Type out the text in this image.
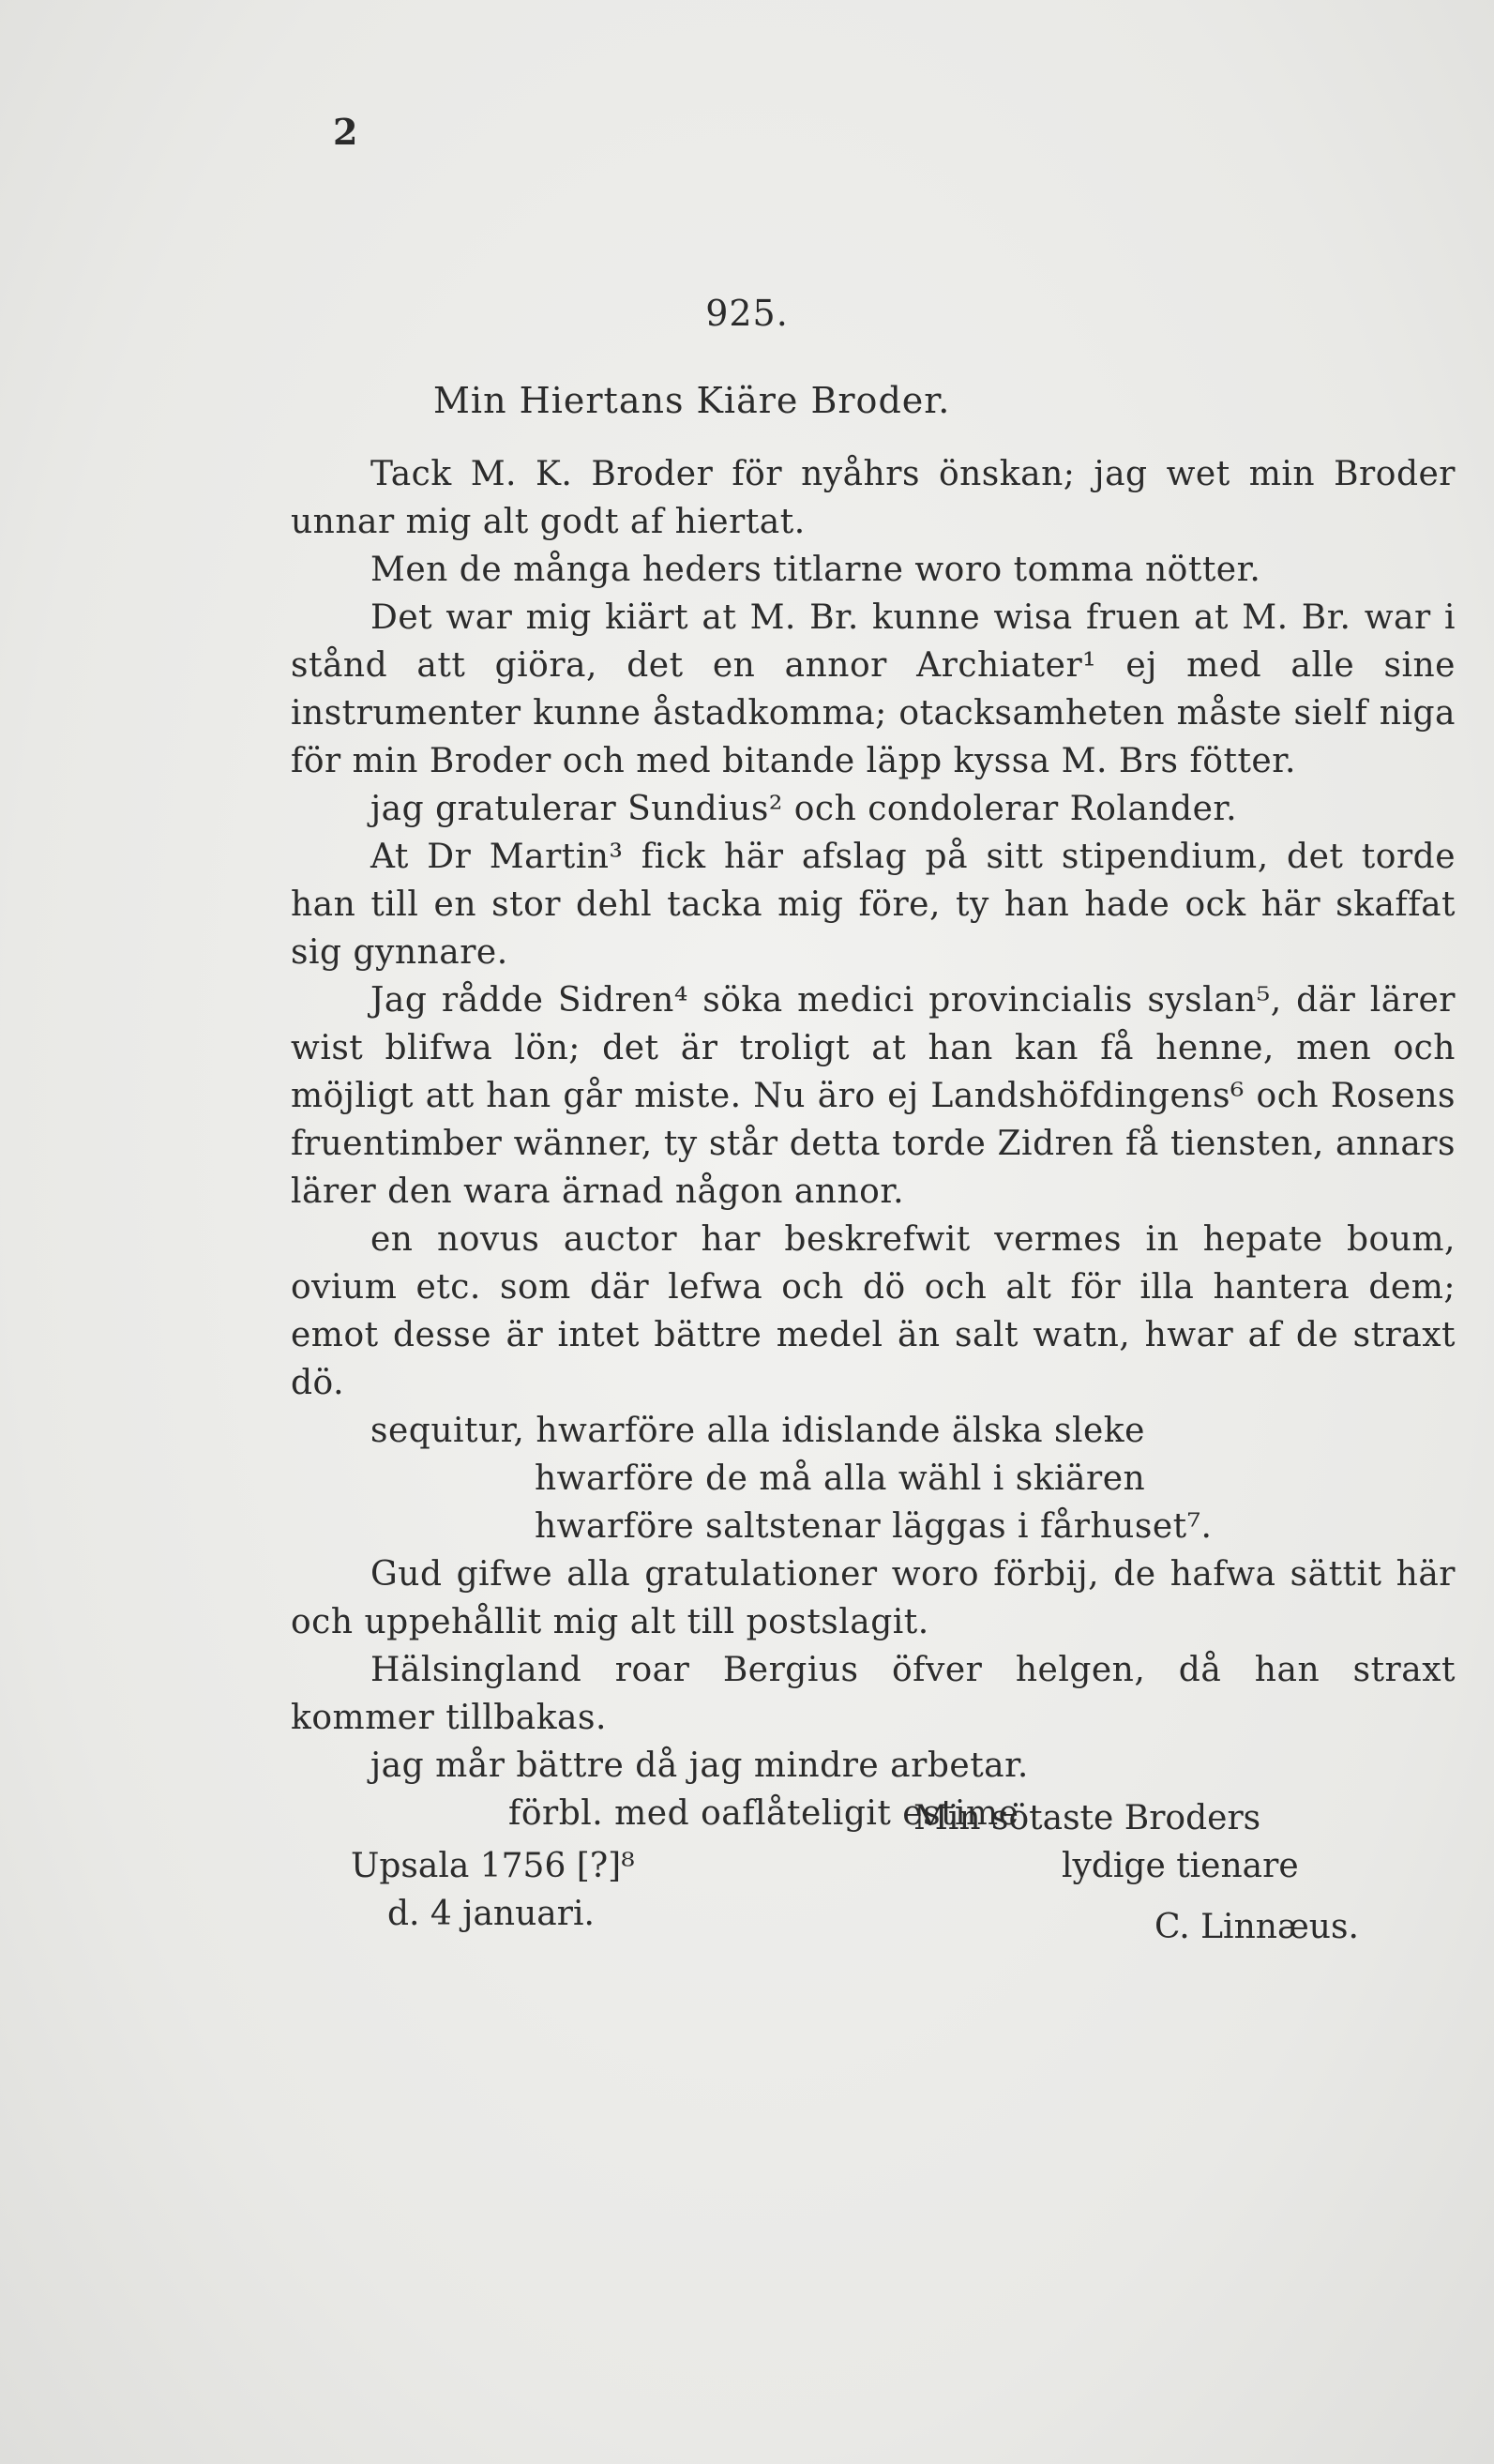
2
925.
Min Hiertans Kiäre Broder.

Tack M. K. Broder för nyåhrs önskan; jag wet min Broder unnar mig alt godt af hiertat.

Men de många heders titlarne woro tomma nötter.

Det war mig kiärt at M. Br. kunne wisa fruen at M. Br. war i stånd att giöra, det en annor Archiater¹ ej med alle sine instrumenter kunne åstadkomma; otacksamheten måste sielf niga för min Broder och med bitande läpp kyssa M. Brs fötter.

jag gratulerar Sundius² och condolerar Rolander.

At Dr Martin³ fick här afslag på sitt stipendium, det torde han till en stor dehl tacka mig före, ty han hade ock här skaffat sig gynnare.

Jag rådde Sidren⁴ söka medici provincialis syslan⁵, där lärer wist blifwa lön; det är troligt at han kan få henne, men och möjligt att han går miste. Nu äro ej Landshöfdingens⁶ och Rosens fruentimber wänner, ty står detta torde Zidren få tiensten, annars lärer den wara ärnad någon annor.

en novus auctor har beskrefwit vermes in hepate boum, ovium etc. som där lefwa och dö och alt för illa hantera dem; emot desse är intet bättre medel än salt watn, hwar af de straxt dö.

sequitur, hwarföre alla idislande älska sleke

hwarföre de må alla wähl i skiären

hwarföre saltstenar läggas i fårhuset⁷.

Gud gifwe alla gratulationer woro förbij, de hafwa sättit här och uppehållit mig alt till postslagit.

Hälsingland roar Bergius öfver helgen, då han straxt kommer tillbakas.

jag mår bättre då jag mindre arbetar.

förbl. med oaflåteligit estime

Min sötaste Broders
Upsala 1756 [?]⁸	lydige tienare
d. 4 januari.	C. Linnæus.
